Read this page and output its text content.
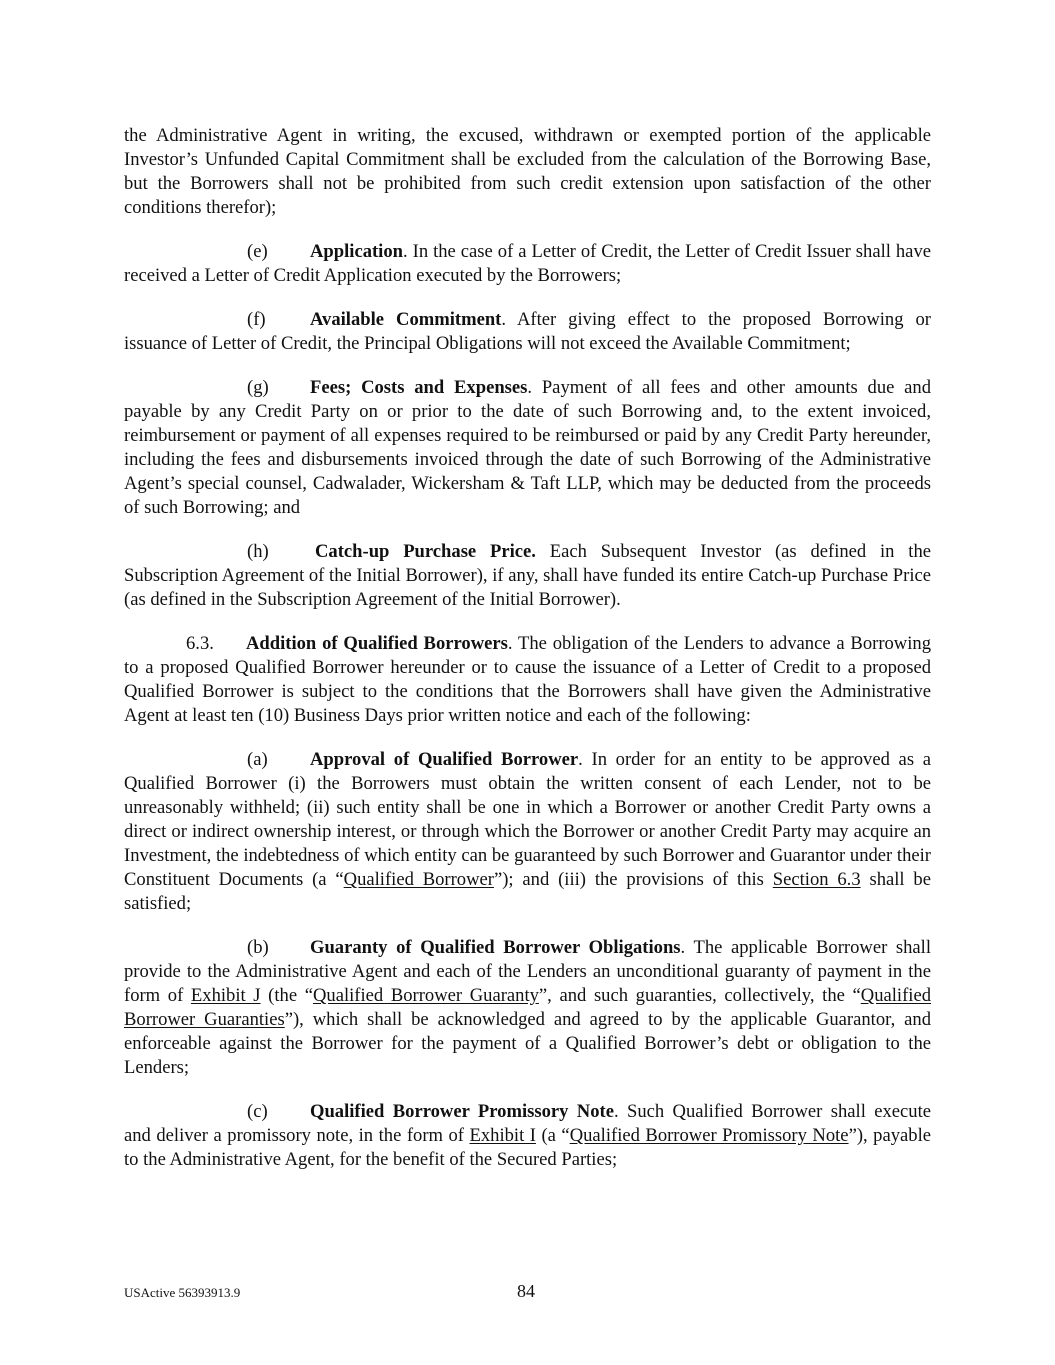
the Administrative Agent in writing, the excused, withdrawn or exempted portion of the applicable Investor’s Unfunded Capital Commitment shall be excluded from the calculation of the Borrowing Base, but the Borrowers shall not be prohibited from such credit extension upon satisfaction of the other conditions therefor);

(e) Application. In the case of a Letter of Credit, the Letter of Credit Issuer shall have received a Letter of Credit Application executed by the Borrowers;

(f) Available Commitment. After giving effect to the proposed Borrowing or issuance of Letter of Credit, the Principal Obligations will not exceed the Available Commitment;

(g) Fees; Costs and Expenses. Payment of all fees and other amounts due and payable by any Credit Party on or prior to the date of such Borrowing and, to the extent invoiced, reimbursement or payment of all expenses required to be reimbursed or paid by any Credit Party hereunder, including the fees and disbursements invoiced through the date of such Borrowing of the Administrative Agent’s special counsel, Cadwalader, Wickersham & Taft LLP, which may be deducted from the proceeds of such Borrowing; and

(h) Catch-up Purchase Price. Each Subsequent Investor (as defined in the Subscription Agreement of the Initial Borrower), if any, shall have funded its entire Catch-up Purchase Price (as defined in the Subscription Agreement of the Initial Borrower).

6.3. Addition of Qualified Borrowers. The obligation of the Lenders to advance a Borrowing to a proposed Qualified Borrower hereunder or to cause the issuance of a Letter of Credit to a proposed Qualified Borrower is subject to the conditions that the Borrowers shall have given the Administrative Agent at least ten (10) Business Days prior written notice and each of the following:

(a) Approval of Qualified Borrower. In order for an entity to be approved as a Qualified Borrower (i) the Borrowers must obtain the written consent of each Lender, not to be unreasonably withheld; (ii) such entity shall be one in which a Borrower or another Credit Party owns a direct or indirect ownership interest, or through which the Borrower or another Credit Party may acquire an Investment, the indebtedness of which entity can be guaranteed by such Borrower and Guarantor under their Constituent Documents (a “Qualified Borrower”); and (iii) the provisions of this Section 6.3 shall be satisfied;

(b) Guaranty of Qualified Borrower Obligations. The applicable Borrower shall provide to the Administrative Agent and each of the Lenders an unconditional guaranty of payment in the form of Exhibit J (the “Qualified Borrower Guaranty”, and such guaranties, collectively, the “Qualified Borrower Guaranties”), which shall be acknowledged and agreed to by the applicable Guarantor, and enforceable against the Borrower for the payment of a Qualified Borrower’s debt or obligation to the Lenders;

(c) Qualified Borrower Promissory Note. Such Qualified Borrower shall execute and deliver a promissory note, in the form of Exhibit I (a “Qualified Borrower Promissory Note”), payable to the Administrative Agent, for the benefit of the Secured Parties;

USActive 56393913.9	84
